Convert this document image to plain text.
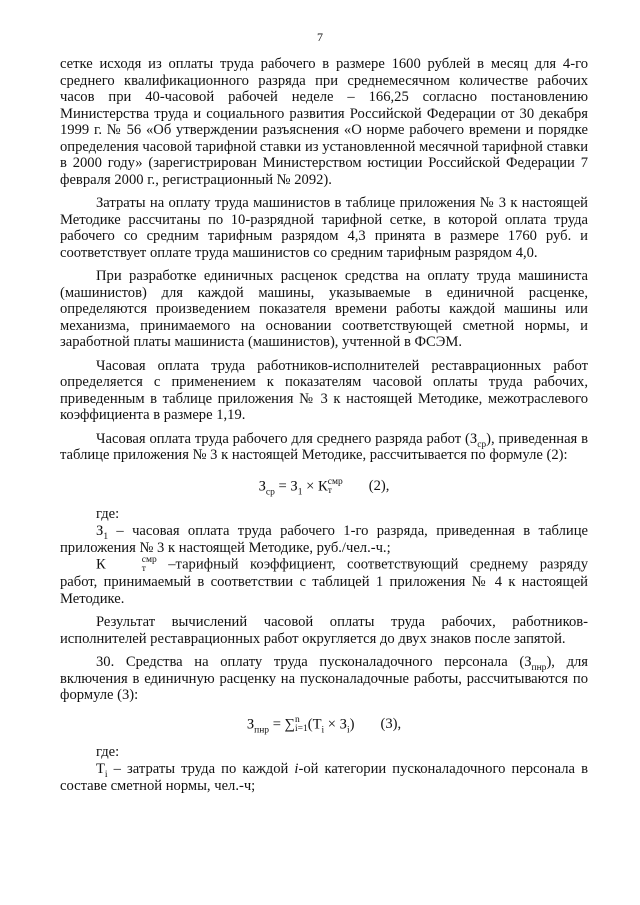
7

сетке исходя из оплаты труда рабочего в размере 1600 рублей в месяц для 4-го среднего квалификационного разряда при среднемесячном количестве рабочих часов при 40-часовой рабочей неделе – 166,25 согласно постановлению Министерства труда и социального развития Российской Федерации от 30 декабря 1999 г. № 56 «Об утверждении разъяснения «О норме рабочего времени и порядке определения часовой тарифной ставки из установленной месячной тарифной ставки в 2000 году» (зарегистрирован Министерством юстиции Российской Федерации 7 февраля 2000 г., регистрационный № 2092).

Затраты на оплату труда машинистов в таблице приложения № 3 к настоящей Методике рассчитаны по 10-разрядной тарифной сетке, в которой оплата труда рабочего со средним тарифным разрядом 4,3 принята в размере 1760 руб. и соответствует оплате труда машинистов со средним тарифным разрядом 4,0.

При разработке единичных расценок средства на оплату труда машиниста (машинистов) для каждой машины, указываемые в единичной расценке, определяются произведением показателя времени работы каждой машины или механизма, принимаемого на основании соответствующей сметной нормы, и заработной платы машиниста (машинистов), учтенной в ФСЭМ.

Часовая оплата труда работников-исполнителей реставрационных работ определяется с применением к показателям часовой оплаты труда рабочих, приведенным в таблице приложения № 3 к настоящей Методике, межотраслевого коэффициента в размере 1,19.

Часовая оплата труда рабочего для среднего разряда работ $(З_{ср})$, приведенная в таблице приложения № 3 к настоящей Методике, рассчитывается по формуле (2):

$З_{ср} = З_1 \times К$ смр
т	(2),

где:

$З_1$ – часовая оплата труда рабочего 1-го разряда, приведенная в таблице приложения № 3 к настоящей Методике, руб./чел.-ч.;

К	смр
т –тарифный коэффициент, соответствующий среднему разряду работ, принимаемый в соответствии с таблицей 1 приложения № 4 к настоящей Методике.

Результат вычислений часовой оплаты труда рабочих, работников-исполнителей реставрационных работ округляется до двух знаков после запятой.

30. Средства на оплату труда пусконаладочного персонала $(З_{пнр})$, для включения в единичную расценку на пусконаладочные работы, рассчитываются по формуле (3):

$З_{пнр}$ = ∑ n
i=1 $(Т_i \times З_i)$ (3),

где:

$Т_i$ – затраты труда по каждой i-ой категории пусконаладочного персонала в составе сметной нормы, чел.-ч;
